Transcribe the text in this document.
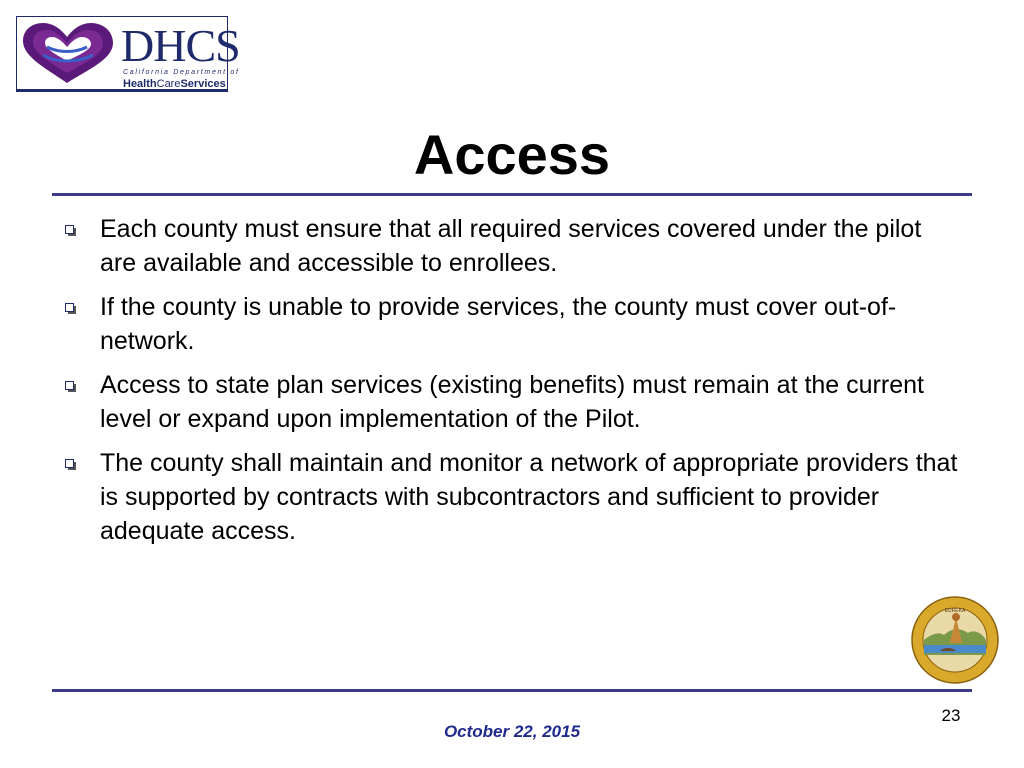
DHCS
California Department of
HealthCareServices
Access
Each county must ensure that all required services covered under the pilot are available and accessible to enrollees.
If the county is unable to provide services, the county must cover out-of-network.
Access to state plan services (existing benefits) must remain at the current level or expand upon implementation of the Pilot.
The county shall maintain and monitor a network of appropriate providers that is supported by contracts with subcontractors and sufficient to provider adequate access.
EUREKA
23
October 22, 2015
